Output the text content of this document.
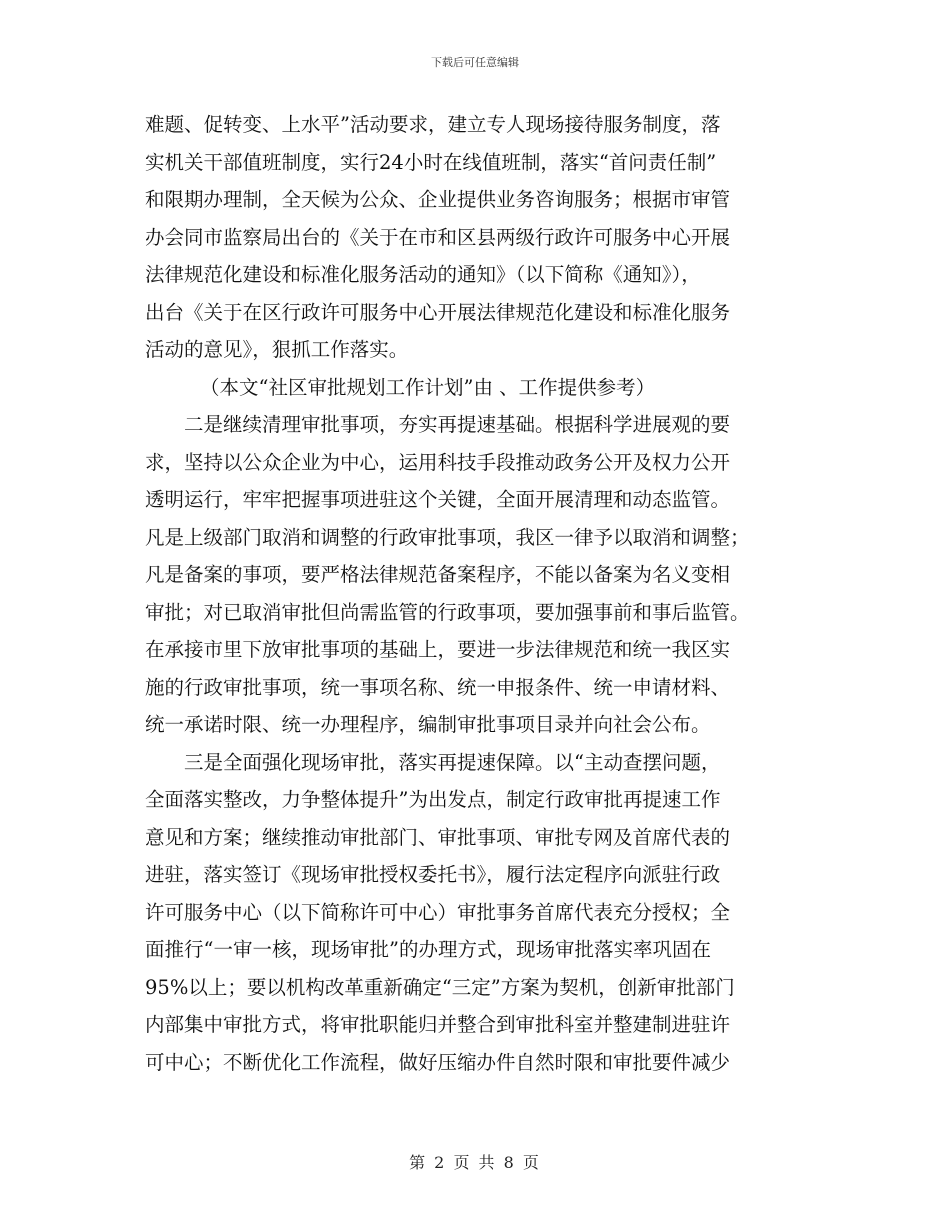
下载后可任意编辑

难题、促转变、上水平”活动要求，建立专人现场接待服务制度，落
实机关干部值班制度，实行24小时在线值班制，落实“首问责任制”
和限期办理制，全天候为公众、企业提供业务咨询服务；根据市审管
办会同市监察局出台的《关于在市和区县两级行政许可服务中心开展
法律规范化建设和标准化服务活动的通知》（以下简称《通知》），
出台《关于在区行政许可服务中心开展法律规范化建设和标准化服务
活动的意见》，狠抓工作落实。

（本文“社区审批规划工作计划”由 、工作提供参考）

二是继续清理审批事项，夯实再提速基础。根据科学进展观的要
求，坚持以公众企业为中心，运用科技手段推动政务公开及权力公开
透明运行，牢牢把握事项进驻这个关键，全面开展清理和动态监管。
凡是上级部门取消和调整的行政审批事项，我区一律予以取消和调整；
凡是备案的事项，要严格法律规范备案程序，不能以备案为名义变相
审批；对已取消审批但尚需监管的行政事项，要加强事前和事后监管。
在承接市里下放审批事项的基础上，要进一步法律规范和统一我区实
施的行政审批事项，统一事项名称、统一申报条件、统一申请材料、
统一承诺时限、统一办理程序，编制审批事项目录并向社会公布。

三是全面强化现场审批，落实再提速保障。以“主动查摆问题，
全面落实整改，力争整体提升”为出发点，制定行政审批再提速工作
意见和方案；继续推动审批部门、审批事项、审批专网及首席代表的
进驻，落实签订《现场审批授权委托书》，履行法定程序向派驻行政
许可服务中心（以下简称许可中心）审批事务首席代表充分授权；全
面推行“一审一核，现场审批”的办理方式，现场审批落实率巩固在
95%以上；要以机构改革重新确定“三定”方案为契机，创新审批部门
内部集中审批方式，将审批职能归并整合到审批科室并整建制进驻许
可中心；不断优化工作流程，做好压缩办件自然时限和审批要件减少

第 2 页 共 8 页
